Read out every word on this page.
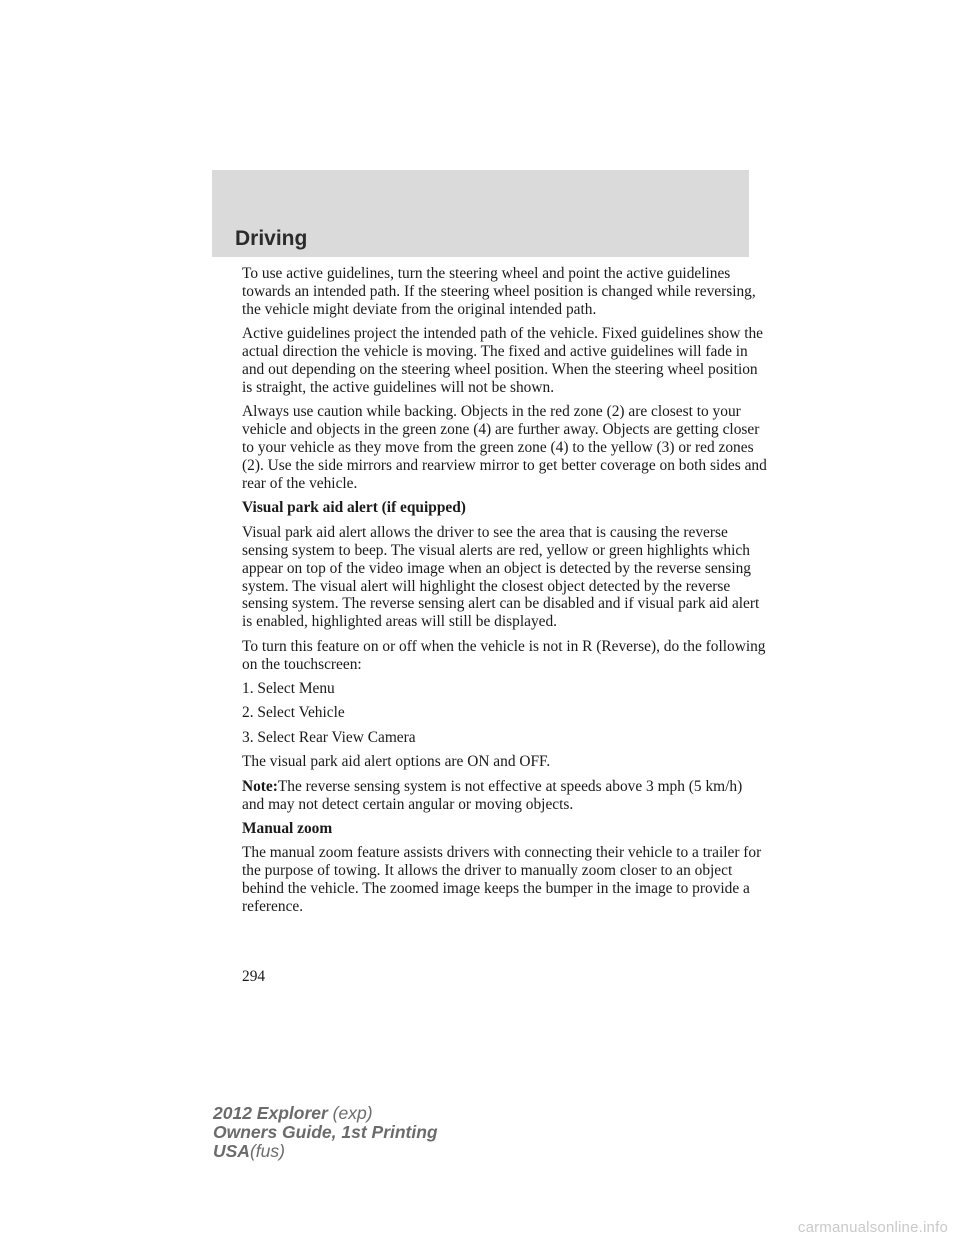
Driving

To use active guidelines, turn the steering wheel and point the active guidelines towards an intended path. If the steering wheel position is changed while reversing, the vehicle might deviate from the original intended path.

Active guidelines project the intended path of the vehicle. Fixed guidelines show the actual direction the vehicle is moving. The fixed and active guidelines will fade in and out depending on the steering wheel position. When the steering wheel position is straight, the active guidelines will not be shown.

Always use caution while backing. Objects in the red zone (2) are closest to your vehicle and objects in the green zone (4) are further away. Objects are getting closer to your vehicle as they move from the green zone (4) to the yellow (3) or red zones (2). Use the side mirrors and rearview mirror to get better coverage on both sides and rear of the vehicle.

Visual park aid alert (if equipped)

Visual park aid alert allows the driver to see the area that is causing the reverse sensing system to beep. The visual alerts are red, yellow or green highlights which appear on top of the video image when an object is detected by the reverse sensing system. The visual alert will highlight the closest object detected by the reverse sensing system. The reverse sensing alert can be disabled and if visual park aid alert is enabled, highlighted areas will still be displayed.

To turn this feature on or off when the vehicle is not in R (Reverse), do the following on the touchscreen:

1. Select Menu

2. Select Vehicle

3. Select Rear View Camera

The visual park aid alert options are ON and OFF.

Note:The reverse sensing system is not effective at speeds above 3 mph (5 km/h) and may not detect certain angular or moving objects.

Manual zoom

The manual zoom feature assists drivers with connecting their vehicle to a trailer for the purpose of towing. It allows the driver to manually zoom closer to an object behind the vehicle. The zoomed image keeps the bumper in the image to provide a reference.

294

2012 Explorer (exp)
Owners Guide, 1st Printing
USA(fus)
carmanualsonline.info
